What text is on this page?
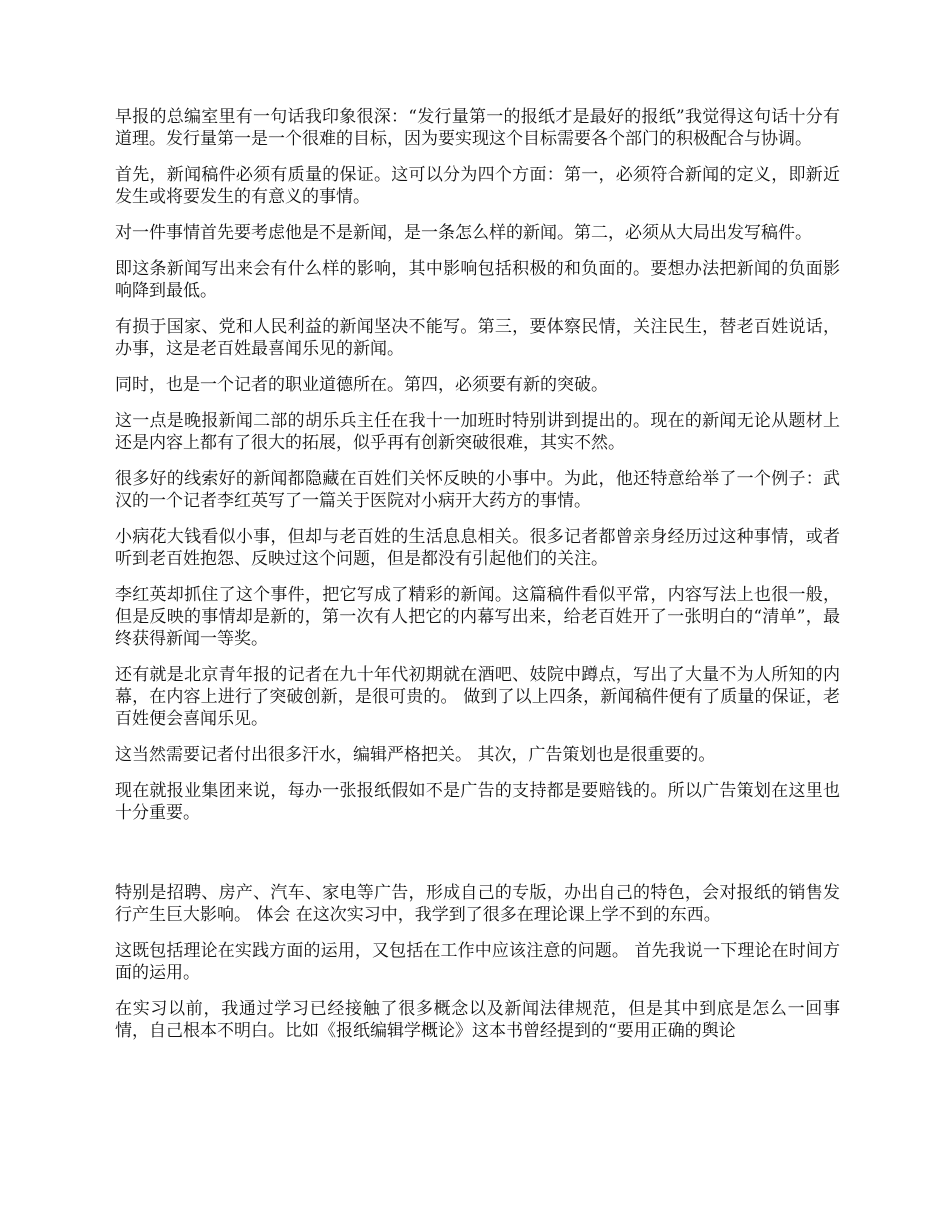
早报的总编室里有一句话我印象很深：“发行量第一的报纸才是最好的报纸”我觉得这句话十分有道理。发行量第一是一个很难的目标，因为要实现这个目标需要各个部门的积极配合与协调。

首先，新闻稿件必须有质量的保证。这可以分为四个方面：第一，必须符合新闻的定义，即新近发生或将要发生的有意义的事情。

对一件事情首先要考虑他是不是新闻，是一条怎么样的新闻。第二，必须从大局出发写稿件。

即这条新闻写出来会有什么样的影响，其中影响包括积极的和负面的。要想办法把新闻的负面影响降到最低。

有损于国家、党和人民利益的新闻坚决不能写。第三，要体察民情，关注民生，替老百姓说话，办事，这是老百姓最喜闻乐见的新闻。

同时，也是一个记者的职业道德所在。第四，必须要有新的突破。

这一点是晚报新闻二部的胡乐兵主任在我十一加班时特别讲到提出的。现在的新闻无论从题材上还是内容上都有了很大的拓展，似乎再有创新突破很难，其实不然。

很多好的线索好的新闻都隐藏在百姓们关怀反映的小事中。为此，他还特意给举了一个例子：武汉的一个记者李红英写了一篇关于医院对小病开大药方的事情。

小病花大钱看似小事，但却与老百姓的生活息息相关。很多记者都曾亲身经历过这种事情，或者听到老百姓抱怨、反映过这个问题，但是都没有引起他们的关注。

李红英却抓住了这个事件，把它写成了精彩的新闻。这篇稿件看似平常，内容写法上也很一般，但是反映的事情却是新的，第一次有人把它的内幕写出来，给老百姓开了一张明白的“清单”，最终获得新闻一等奖。

还有就是北京青年报的记者在九十年代初期就在酒吧、妓院中蹲点，写出了大量不为人所知的内幕，在内容上进行了突破创新，是很可贵的。 做到了以上四条，新闻稿件便有了质量的保证，老百姓便会喜闻乐见。

这当然需要记者付出很多汗水，编辑严格把关。 其次，广告策划也是很重要的。

现在就报业集团来说，每办一张报纸假如不是广告的支持都是要赔钱的。所以广告策划在这里也十分重要。

特别是招聘、房产、汽车、家电等广告，形成自己的专版，办出自己的特色，会对报纸的销售发行产生巨大影响。 体会 在这次实习中，我学到了很多在理论课上学不到的东西。

这既包括理论在实践方面的运用，又包括在工作中应该注意的问题。 首先我说一下理论在时间方面的运用。

在实习以前，我通过学习已经接触了很多概念以及新闻法律规范，但是其中到底是怎么一回事情，自己根本不明白。比如《报纸编辑学概论》这本书曾经提到的“要用正确的舆论
